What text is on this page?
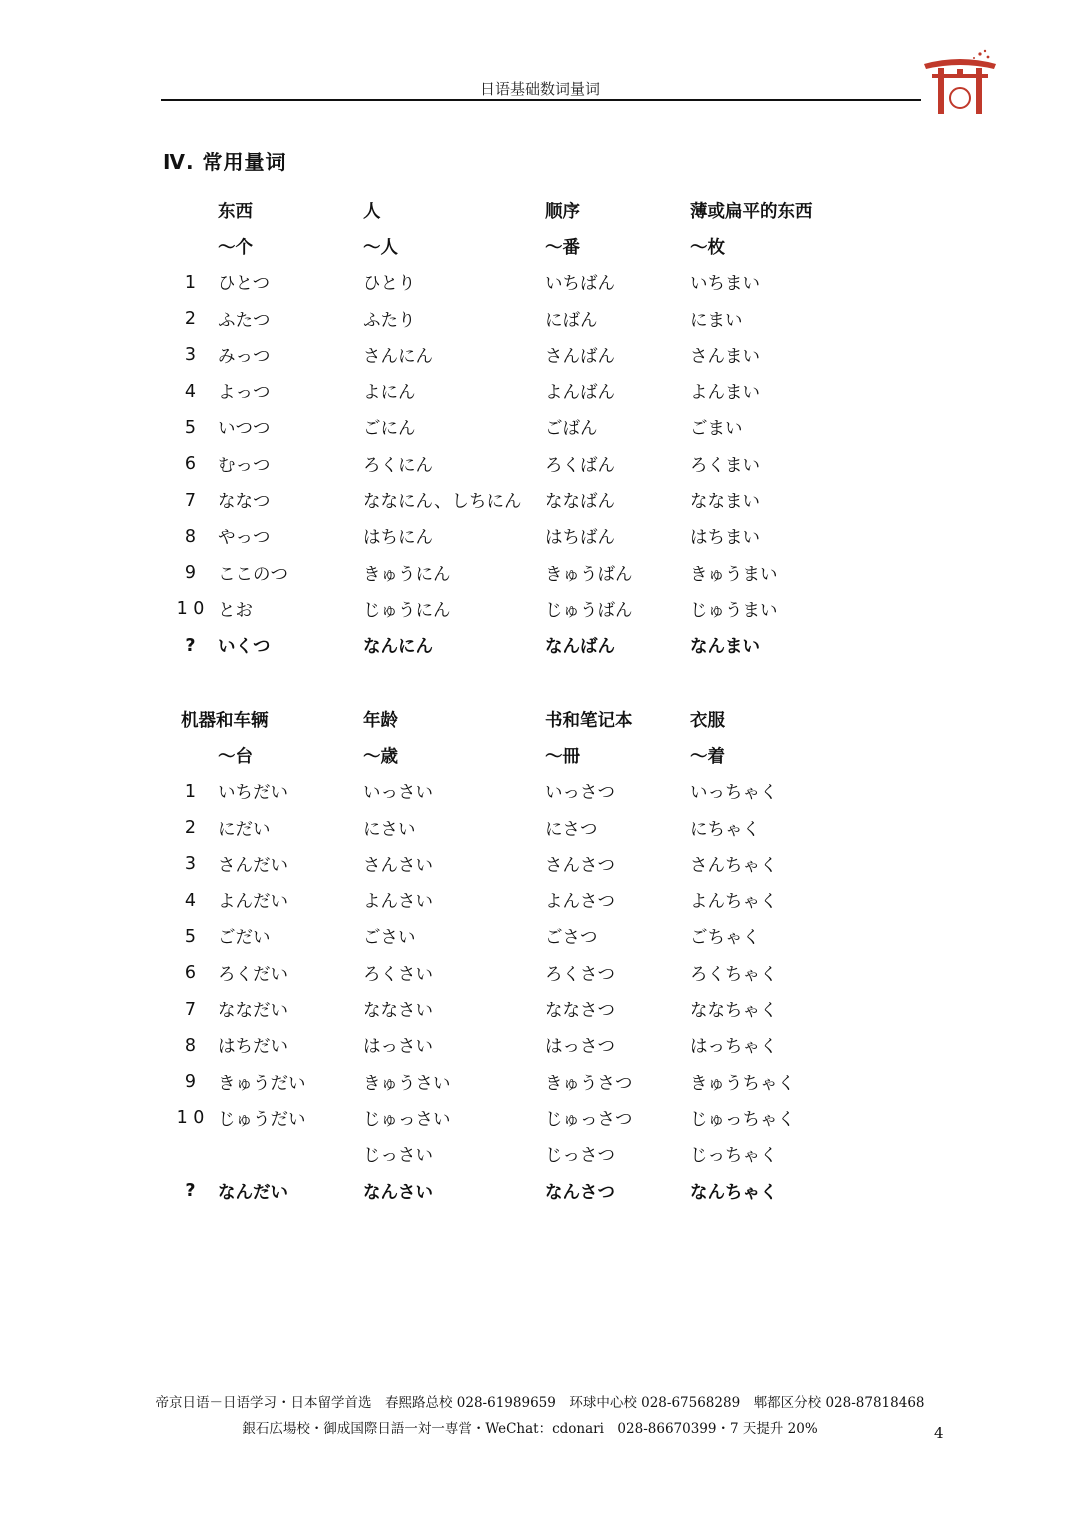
日语基础数词量词
Ⅳ. 常用量词
	东西	人	顺序	薄或扁平的东西
	～个	～人	～番	～枚
1	ひとつ	ひとり	いちばん	いちまい
2	ふたつ	ふたり	にばん	にまい
3	みっつ	さんにん	さんばん	さんまい
4	よっつ	よにん	よんばん	よんまい
5	いつつ	ごにん	ごばん	ごまい
6	むっつ	ろくにん	ろくばん	ろくまい
7	ななつ	ななにん、しちにん	ななばん	ななまい
8	やっつ	はちにん	はちばん	はちまい
9	ここのつ	きゅうにん	きゅうばん	きゅうまい
1 0	とお	じゅうにん	じゅうばん	じゅうまい
?	いくつ	なんにん	なんばん	なんまい
	机器和车辆	年龄	书和笔记本	衣服
	～台	～歳	～冊	～着
1	いちだい	いっさい	いっさつ	いっちゃく
2	にだい	にさい	にさつ	にちゃく
3	さんだい	さんさい	さんさつ	さんちゃく
4	よんだい	よんさい	よんさつ	よんちゃく
5	ごだい	ごさい	ごさつ	ごちゃく
6	ろくだい	ろくさい	ろくさつ	ろくちゃく
7	ななだい	ななさい	ななさつ	ななちゃく
8	はちだい	はっさい	はっさつ	はっちゃく
9	きゅうだい	きゅうさい	きゅうさつ	きゅうちゃく
1 0	じゅうだい	じゅっさい	じゅっさつ	じゅっちゃく
		じっさい	じっさつ	じっちゃく
?	なんだい	なんさい	なんさつ	なんちゃく
帝京日语－日语学习・日本留学首选　春熙路总校 028-61989659　环球中心校 028-67568289　郫都区分校 028-87818468
銀石広場校・御成国際日語一対一専営・WeChat：cdonari　028-86670399・7 天提升 20%	4
